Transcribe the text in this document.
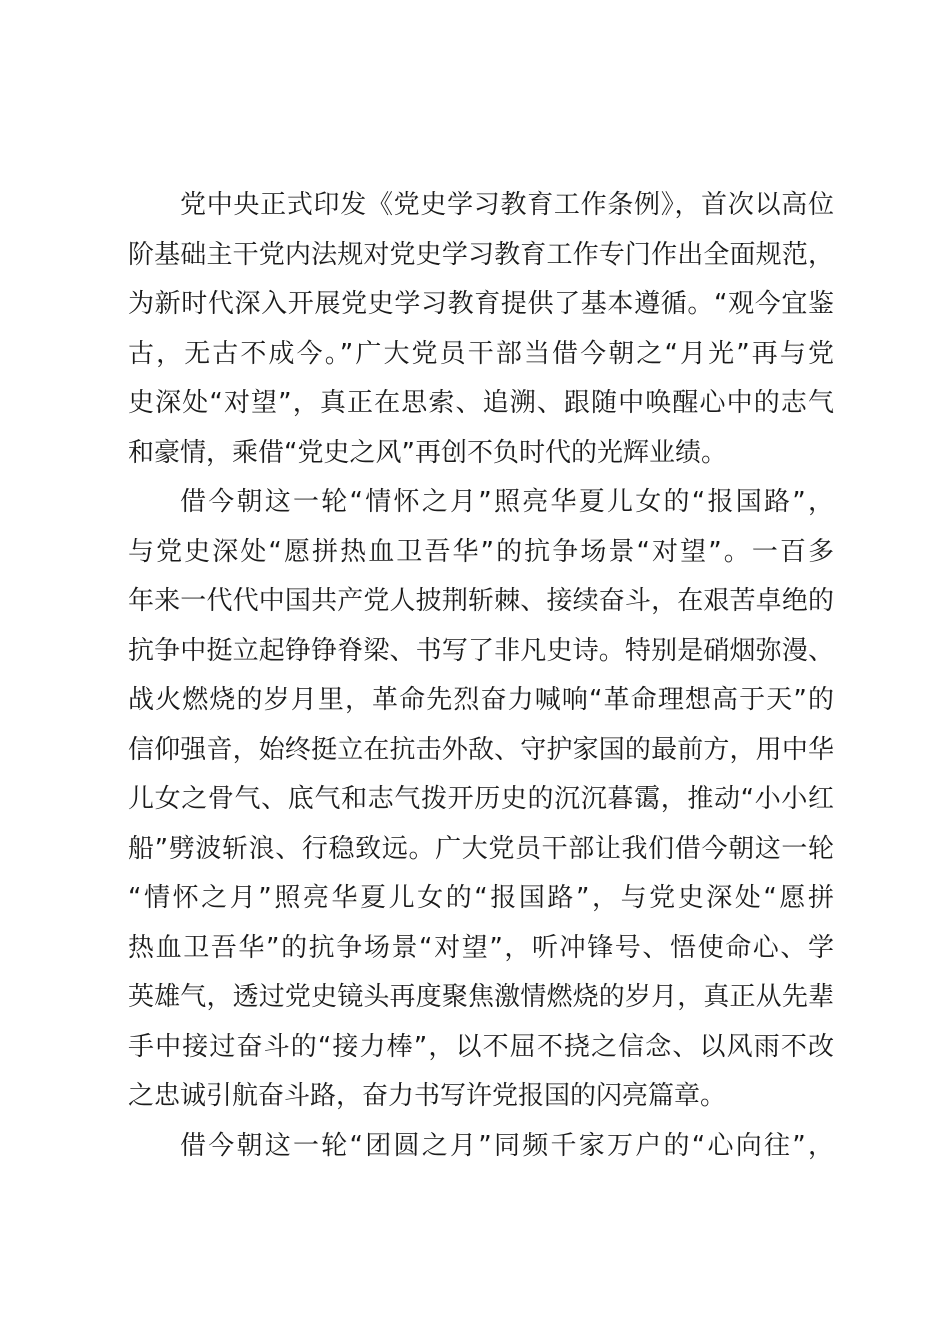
党中央正式印发《党史学习教育工作条例》，首次以高位
阶基础主干党内法规对党史学习教育工作专门作出全面规范，
为新时代深入开展党史学习教育提供了基本遵循。“观今宜鉴
古，无古不成今。”广大党员干部当借今朝之“月光”再与党
史深处“对望”，真正在思索、追溯、跟随中唤醒心中的志气
和豪情，乘借“党史之风”再创不负时代的光辉业绩。
借今朝这一轮“情怀之月”照亮华夏儿女的“报国路”，
与党史深处“愿拼热血卫吾华”的抗争场景“对望”。一百多
年来一代代中国共产党人披荆斩棘、接续奋斗，在艰苦卓绝的
抗争中挺立起铮铮脊梁、书写了非凡史诗。特别是硝烟弥漫、
战火燃烧的岁月里，革命先烈奋力喊响“革命理想高于天”的
信仰强音，始终挺立在抗击外敌、守护家国的最前方，用中华
儿女之骨气、底气和志气拨开历史的沉沉暮霭，推动“小小红
船”劈波斩浪、行稳致远。广大党员干部让我们借今朝这一轮
“情怀之月”照亮华夏儿女的“报国路”，与党史深处“愿拼
热血卫吾华”的抗争场景“对望”，听冲锋号、悟使命心、学
英雄气，透过党史镜头再度聚焦激情燃烧的岁月，真正从先辈
手中接过奋斗的“接力棒”，以不屈不挠之信念、以风雨不改
之忠诚引航奋斗路，奋力书写许党报国的闪亮篇章。
借今朝这一轮“团圆之月”同频千家万户的“心向往”，
